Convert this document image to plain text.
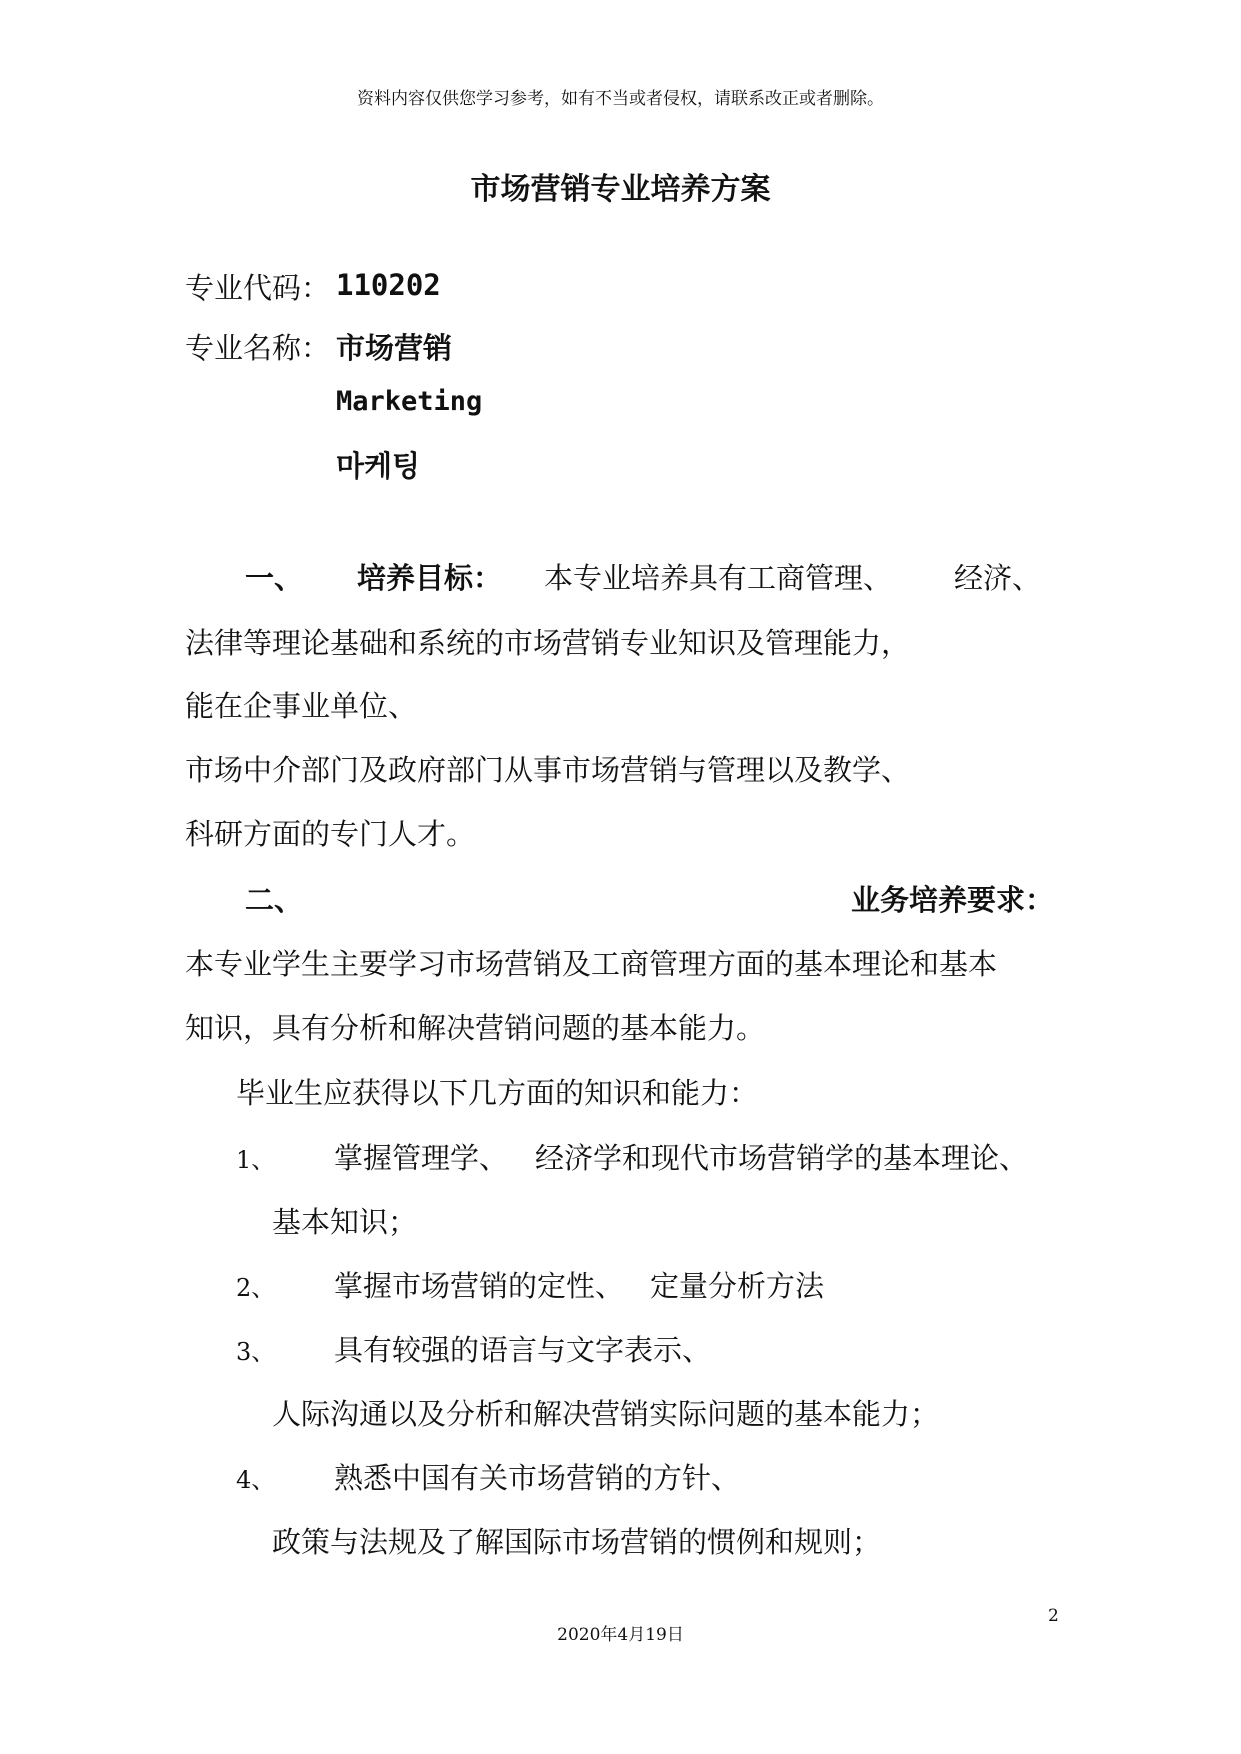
资料内容仅供您学习参考，如有不当或者侵权，请联系改正或者删除。
市场营销专业培养方案
专业代码： 110202
专业名称： 市场营销
Marketing
마케팅
一、 培养目标： 本专业培养具有工商管理、 经济、
法律等理论基础和系统的市场营销专业知识及管理能力，
能在企事业单位、
市场中介部门及政府部门从事市场营销与管理以及教学、
科研方面的专门人才。
二、	业务培养要求：
本专业学生主要学习市场营销及工商管理方面的基本理论和基本
知识，具有分析和解决营销问题的基本能力。
毕业生应获得以下几方面的知识和能力：
1、 掌握管理学、 经济学和现代市场营销学的基本理论、
基本知识；
2、 掌握市场营销的定性、 定量分析方法
3、 具有较强的语言与文字表示、
人际沟通以及分析和解决营销实际问题的基本能力；
4、 熟悉中国有关市场营销的方针、
政策与法规及了解国际市场营销的惯例和规则；
2
2020年4月19日
